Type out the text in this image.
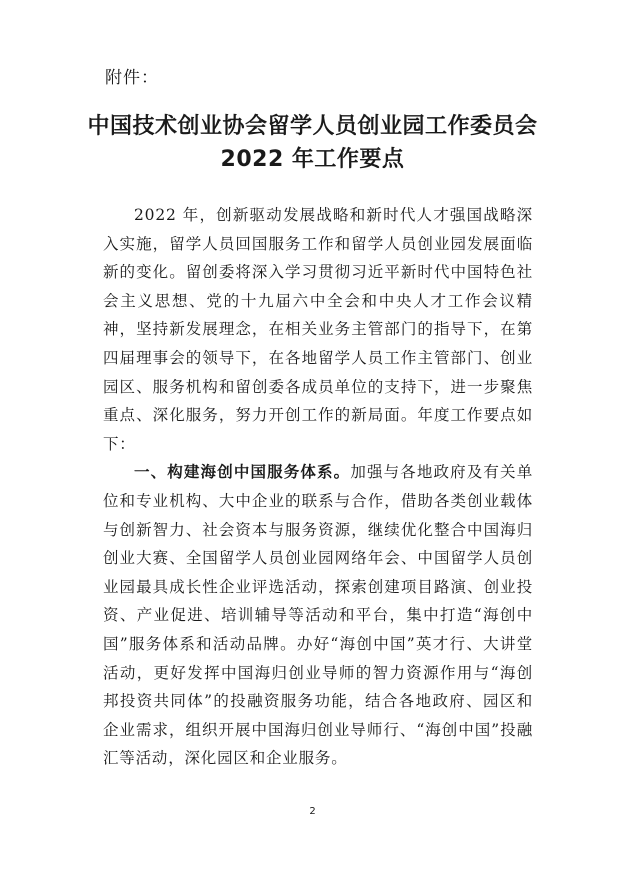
附件：
中国技术创业协会留学人员创业园工作委员会
2022 年工作要点

2022 年，创新驱动发展战略和新时代人才强国战略深入实施，留学人员回国服务工作和留学人员创业园发展面临新的变化。留创委将深入学习贯彻习近平新时代中国特色社会主义思想、党的十九届六中全会和中央人才工作会议精神，坚持新发展理念，在相关业务主管部门的指导下，在第四届理事会的领导下，在各地留学人员工作主管部门、创业园区、服务机构和留创委各成员单位的支持下，进一步聚焦重点、深化服务，努力开创工作的新局面。年度工作要点如下：

一、构建海创中国服务体系。加强与各地政府及有关单位和专业机构、大中企业的联系与合作，借助各类创业载体与创新智力、社会资本与服务资源，继续优化整合中国海归创业大赛、全国留学人员创业园网络年会、中国留学人员创业园最具成长性企业评选活动，探索创建项目路演、创业投资、产业促进、培训辅导等活动和平台，集中打造“海创中国”服务体系和活动品牌。办好“海创中国”英才行、大讲堂活动，更好发挥中国海归创业导师的智力资源作用与“海创邦投资共同体”的投融资服务功能，结合各地政府、园区和企业需求，组织开展中国海归创业导师行、“海创中国”投融汇等活动，深化园区和企业服务。

2
